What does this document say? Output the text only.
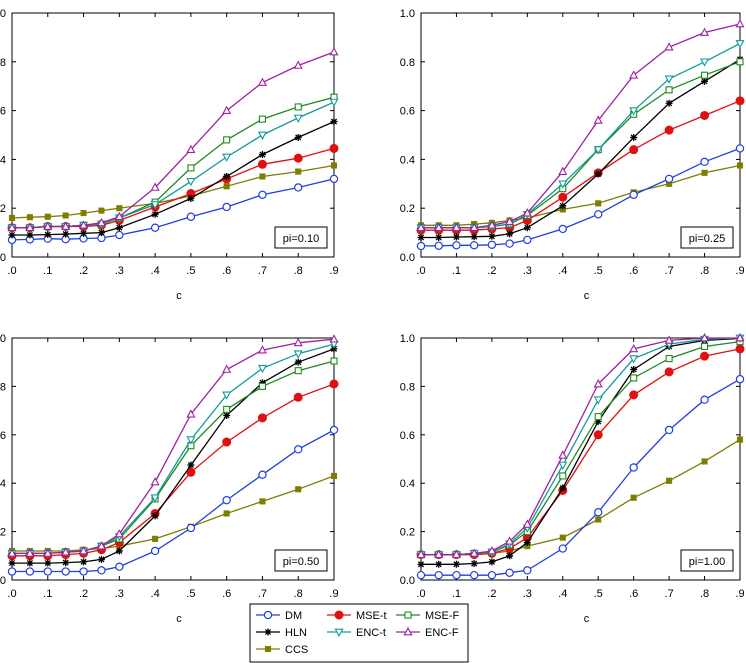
.0 .1 .2 .3 .4 .5 .6 .7 .8 .9
0
2
4
6
8
0
c
pi=0.10
.0 .1 .2 .3 .4 .5 .6 .7 .8 .9
0.0
0.2
0.4
0.6
0.8
1.0
c
pi=0.25
.0 .1 .2 .3 .4 .5 .6 .7 .8 .9
0
2
4
6
8
0
c
pi=0.50
.0 .1 .2 .3 .4 .5 .6 .7 .8 .9
0.0
0.2
0.4
0.6
0.8
1.0
c
pi=1.00
DM	MSE-t	MSE-F
HLN	ENC-t	ENC-F
CCS
